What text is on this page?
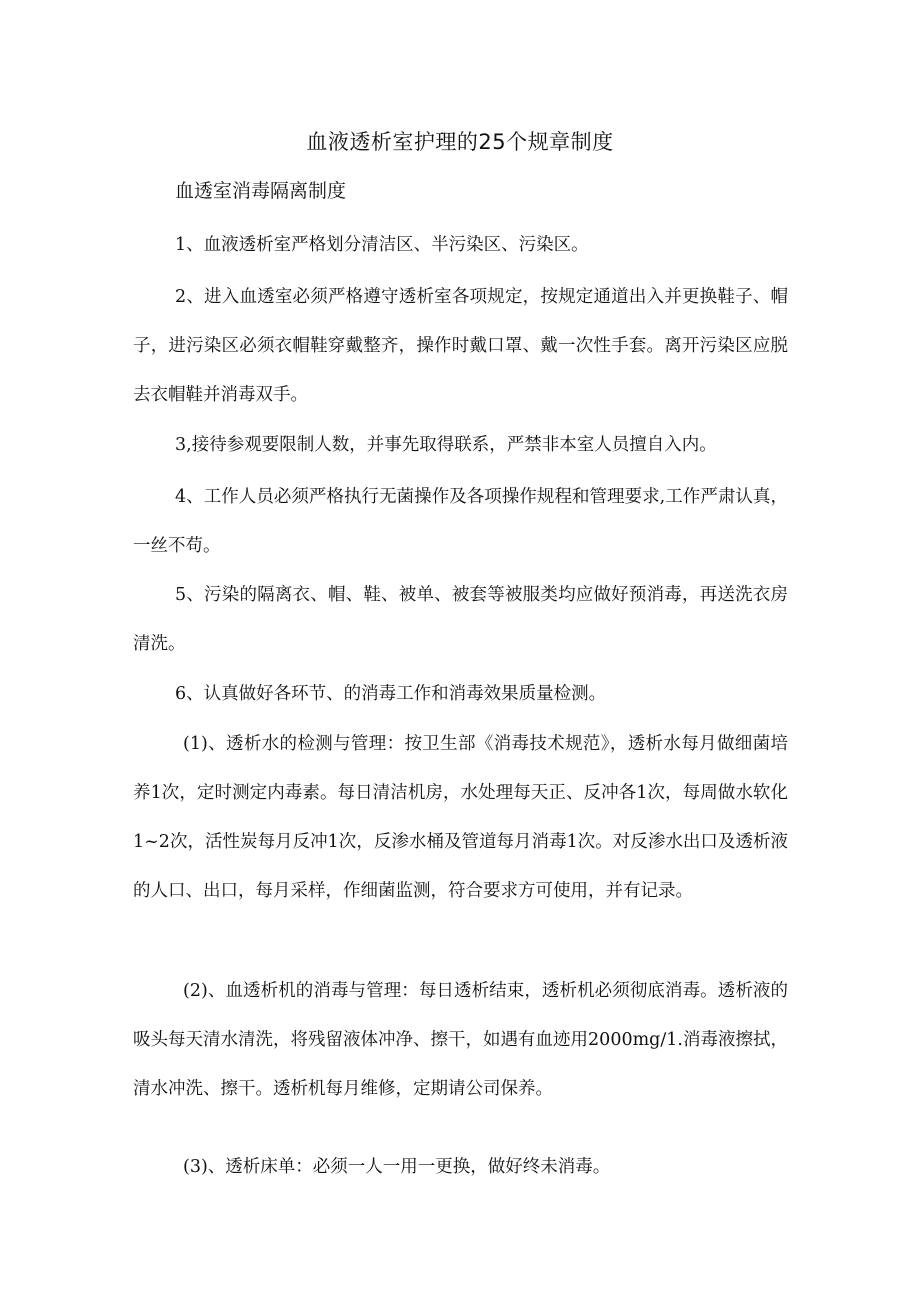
血液透析室护理的25个规章制度
血透室消毒隔离制度

1、血液透析室严格划分清洁区、半污染区、污染区。

2、进入血透室必须严格遵守透析室各项规定，按规定通道出入并更换鞋子、帽子，进污染区必须衣帽鞋穿戴整齐，操作时戴口罩、戴一次性手套。离开污染区应脱去衣帽鞋并消毒双手。

3,接待参观要限制人数，并事先取得联系，严禁非本室人员擅自入内。

4、工作人员必须严格执行无菌操作及各项操作规程和管理要求,工作严肃认真，一丝不苟。

5、污染的隔离衣、帽、鞋、被单、被套等被服类均应做好预消毒，再送洗衣房清洗。

6、认真做好各环节、的消毒工作和消毒效果质量检测。

(1)、透析水的检测与管理：按卫生部《消毒技术规范》，透析水每月做细菌培养1次，定时测定内毒素。每日清洁机房，水处理每天正、反冲各1次，每周做水软化1~2次，活性炭每月反冲1次，反渗水桶及管道每月消毒1次。对反渗水出口及透析液的人口、出口，每月采样，作细菌监测，符合要求方可使用，并有记录。

(2)、血透析机的消毒与管理：每日透析结束，透析机必须彻底消毒。透析液的吸头每天清水清洗，将残留液体冲净、擦干，如遇有血迹用2000mg∕1.消毒液擦拭，清水冲洗、擦干。透析机每月维修，定期请公司保养。

(3)、透析床单：必须一人一用一更换，做好终未消毒。
